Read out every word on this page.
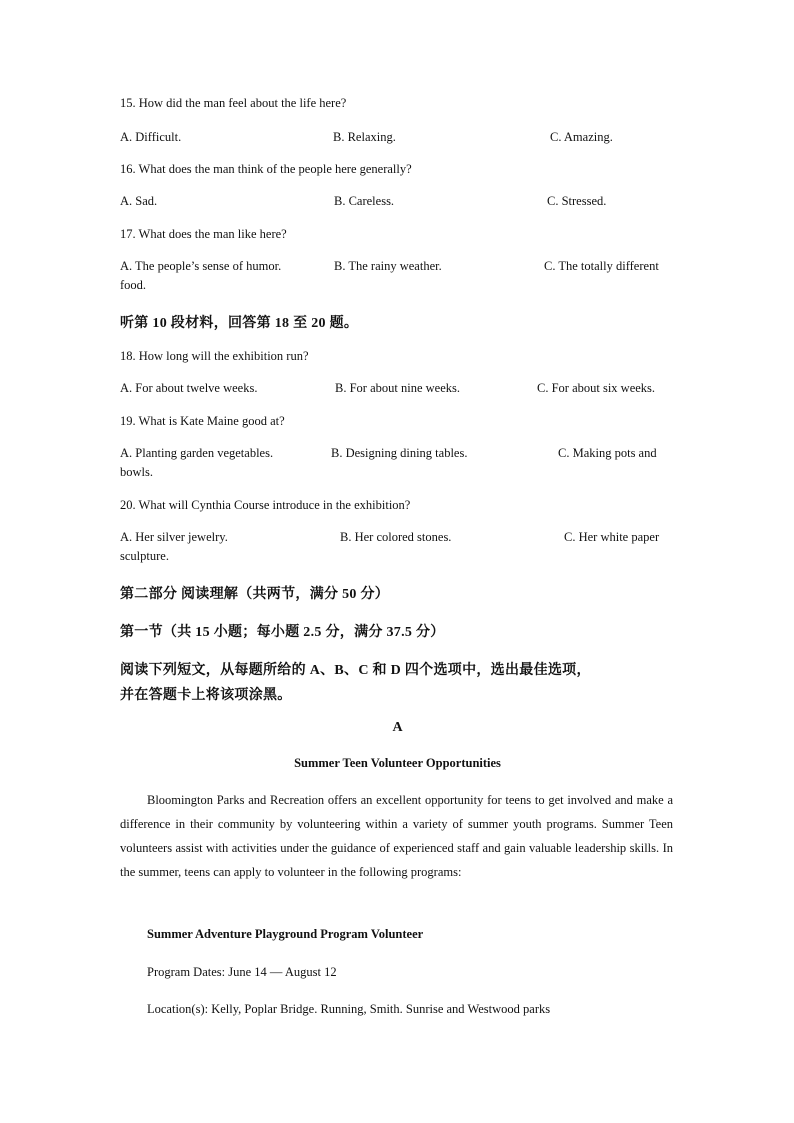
15. How did the man feel about the life here?
A. Difficult.	B. Relaxing.	C. Amazing.
16. What does the man think of the people here generally?
A. Sad.	B. Careless.	C. Stressed.
17. What does the man like here?
A. The people’s sense of humor.	B. The rainy weather.	C. The totally different
food.
听第 10 段材料，回答第 18 至 20 题。
18. How long will the exhibition run?
A. For about twelve weeks.	B. For about nine weeks.	C. For about six weeks.
19. What is Kate Maine good at?
A. Planting garden vegetables.	B. Designing dining tables.	C. Making pots and
bowls.
20. What will Cynthia Course introduce in the exhibition?
A. Her silver jewelry.	B. Her colored stones.	C. Her white paper
sculpture.
第二部分 阅读理解（共两节，满分 50 分）
第一节（共 15 小题；每小题 2.5 分，满分 37.5 分）
阅读下列短文，从每题所给的 A、B、C 和 D 四个选项中，选出最佳选项，
并在答题卡上将该项涂黑。
A
Summer Teen Volunteer Opportunities
Bloomington Parks and Recreation offers an excellent opportunity for teens to get involved and make a difference in their community by volunteering within a variety of summer youth programs. Summer Teen volunteers assist with activities under the guidance of experienced staff and gain valuable leadership skills. In the summer, teens can apply to volunteer in the following programs:
Summer Adventure Playground Program Volunteer
Program Dates: June 14 — August 12
Location(s): Kelly, Poplar Bridge. Running, Smith. Sunrise and Westwood parks
